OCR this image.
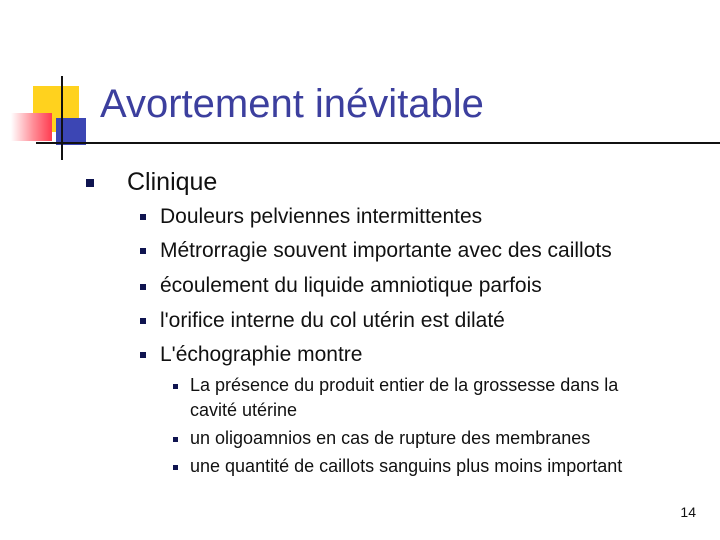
Avortement inévitable

Clinique

Douleurs pelviennes intermittentes

Métrorragie souvent importante avec des caillots

écoulement du liquide amniotique parfois

l'orifice interne du col utérin est dilaté

L'échographie montre

La présence du produit entier de la grossesse dans la

cavité utérine

un oligoamnios en cas de rupture des membranes

une quantité de caillots sanguins plus moins important

14
